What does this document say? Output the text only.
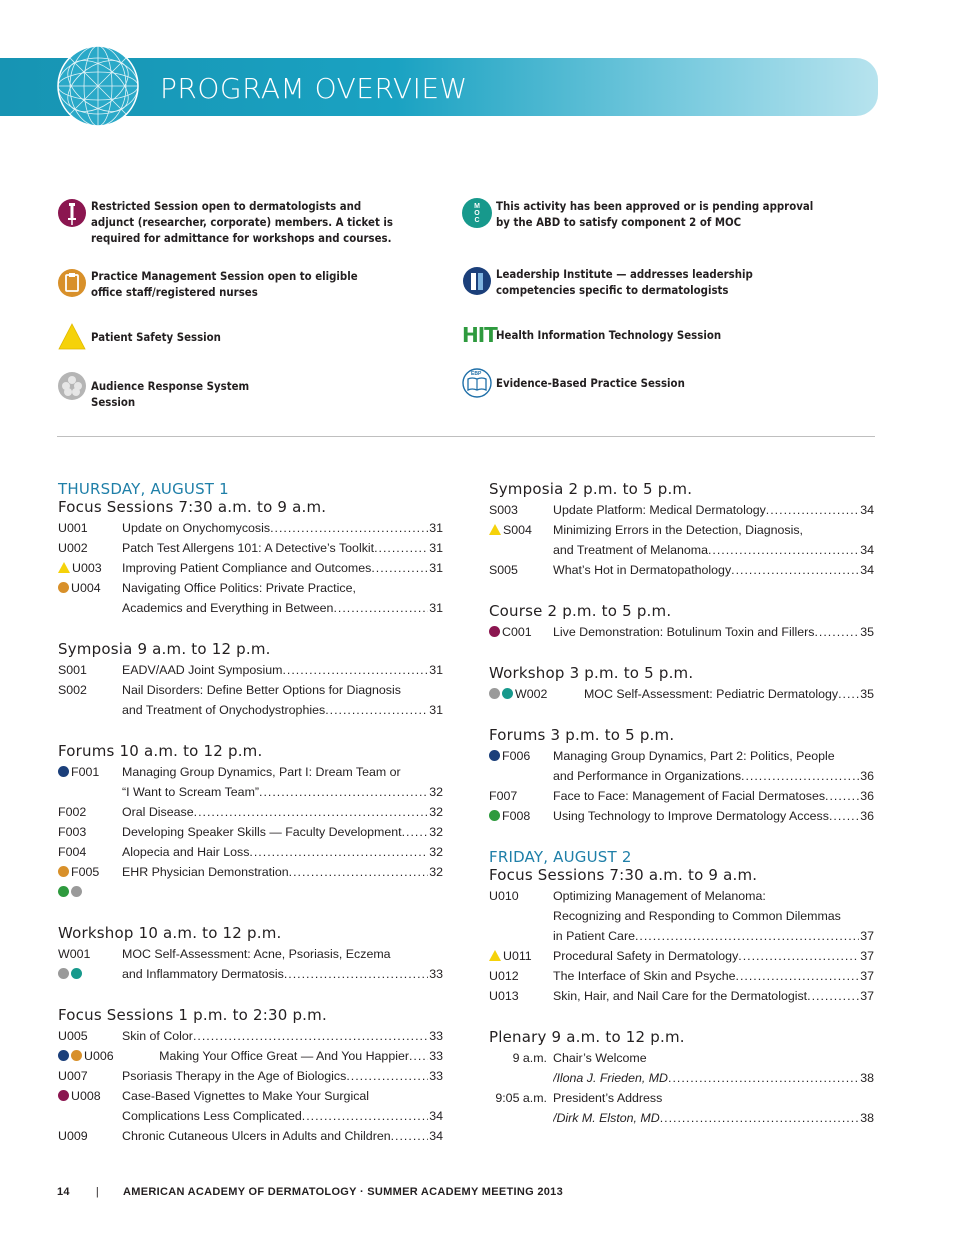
PROGRAM OVERVIEW
Restricted Session open to dermatologists and adjunct (researcher, corporate) members. A ticket is required for admittance for workshops and courses.
Practice Management Session open to eligible office staff/registered nurses
Patient Safety Session
Audience Response System Session
M
O
C
This activity has been approved or is pending approval by the ABD to satisfy component 2 of MOC
Leadership Institute — addresses leadership competencies specific to dermatologists
HIT Health Information Technology Session
EBP
Evidence-Based Practice Session
THURSDAY, AUGUST 1
Focus Sessions 7:30 a.m. to 9 a.m.
U001	Update on Onychomycosis .....	31
U002	Patch Test Allergens 101: A Detective’s Toolkit .....	31
U003 Improving Patient Compliance and Outcomes .....	31
U004 Navigating Office Politics: Private Practice,
Academics and Everything in Between .....	31
Symposia 9 a.m. to 12 p.m.
S001	EADV/AAD Joint Symposium .....	31
S002	Nail Disorders: Define Better Options for Diagnosis
and Treatment of Onychodystrophies .....	31
Forums 10 a.m. to 12 p.m.
F001 Managing Group Dynamics, Part I: Dream Team or
“I Want to Scream Team” .....	32
F002	Oral Disease .....	32
F003	Developing Speaker Skills — Faculty Development ..... 32
F004	Alopecia and Hair Loss .....	32
F005 EHR Physician Demonstration .....	32
Workshop 10 a.m. to 12 p.m.
W001	MOC Self-Assessment: Acne, Psoriasis, Eczema
and Inflammatory Dermatosis .....	33
Focus Sessions 1 p.m. to 2:30 p.m.
U005	Skin of Color .....	33
U006	Making Your Office Great — And You Happier ..... 33
U007	Psoriasis Therapy in the Age of Biologics .....	33
U008 Case-Based Vignettes to Make Your Surgical
Complications Less Complicated .....	34
U009	Chronic Cutaneous Ulcers in Adults and Children .....	34
Symposia 2 p.m. to 5 p.m.
S003	Update Platform: Medical Dermatology .....	34
S004 Minimizing Errors in the Detection, Diagnosis,
and Treatment of Melanoma .....	34
S005	What’s Hot in Dermatopathology .....	34
Course 2 p.m. to 5 p.m.
C001 Live Demonstration: Botulinum Toxin and Fillers .....	35
Workshop 3 p.m. to 5 p.m.
W002	MOC Self-Assessment: Pediatric Dermatology ..... 35
Forums 3 p.m. to 5 p.m.
F006 Managing Group Dynamics, Part 2: Politics, People
and Performance in Organizations .....	36
F007	Face to Face: Management of Facial Dermatoses .....	36
F008 Using Technology to Improve Dermatology Access .....	36
FRIDAY, AUGUST 2
Focus Sessions 7:30 a.m. to 9 a.m.
U010	Optimizing Management of Melanoma:
Recognizing and Responding to Common Dilemmas
in Patient Care .....	37
U011 Procedural Safety in Dermatology .....	37
U012	The Interface of Skin and Psyche .....	37
U013	Skin, Hair, and Nail Care for the Dermatologist .....	37
Plenary 9 a.m. to 12 p.m.
9 a.m. Chair’s Welcome
/Ilona J. Frieden, MD .....	38
9:05 a.m. President’s Address
/Dirk M. Elston, MD .....	38
14 | AMERICAN ACADEMY OF DERMATOLOGY · SUMMER ACADEMY MEETING 2013
